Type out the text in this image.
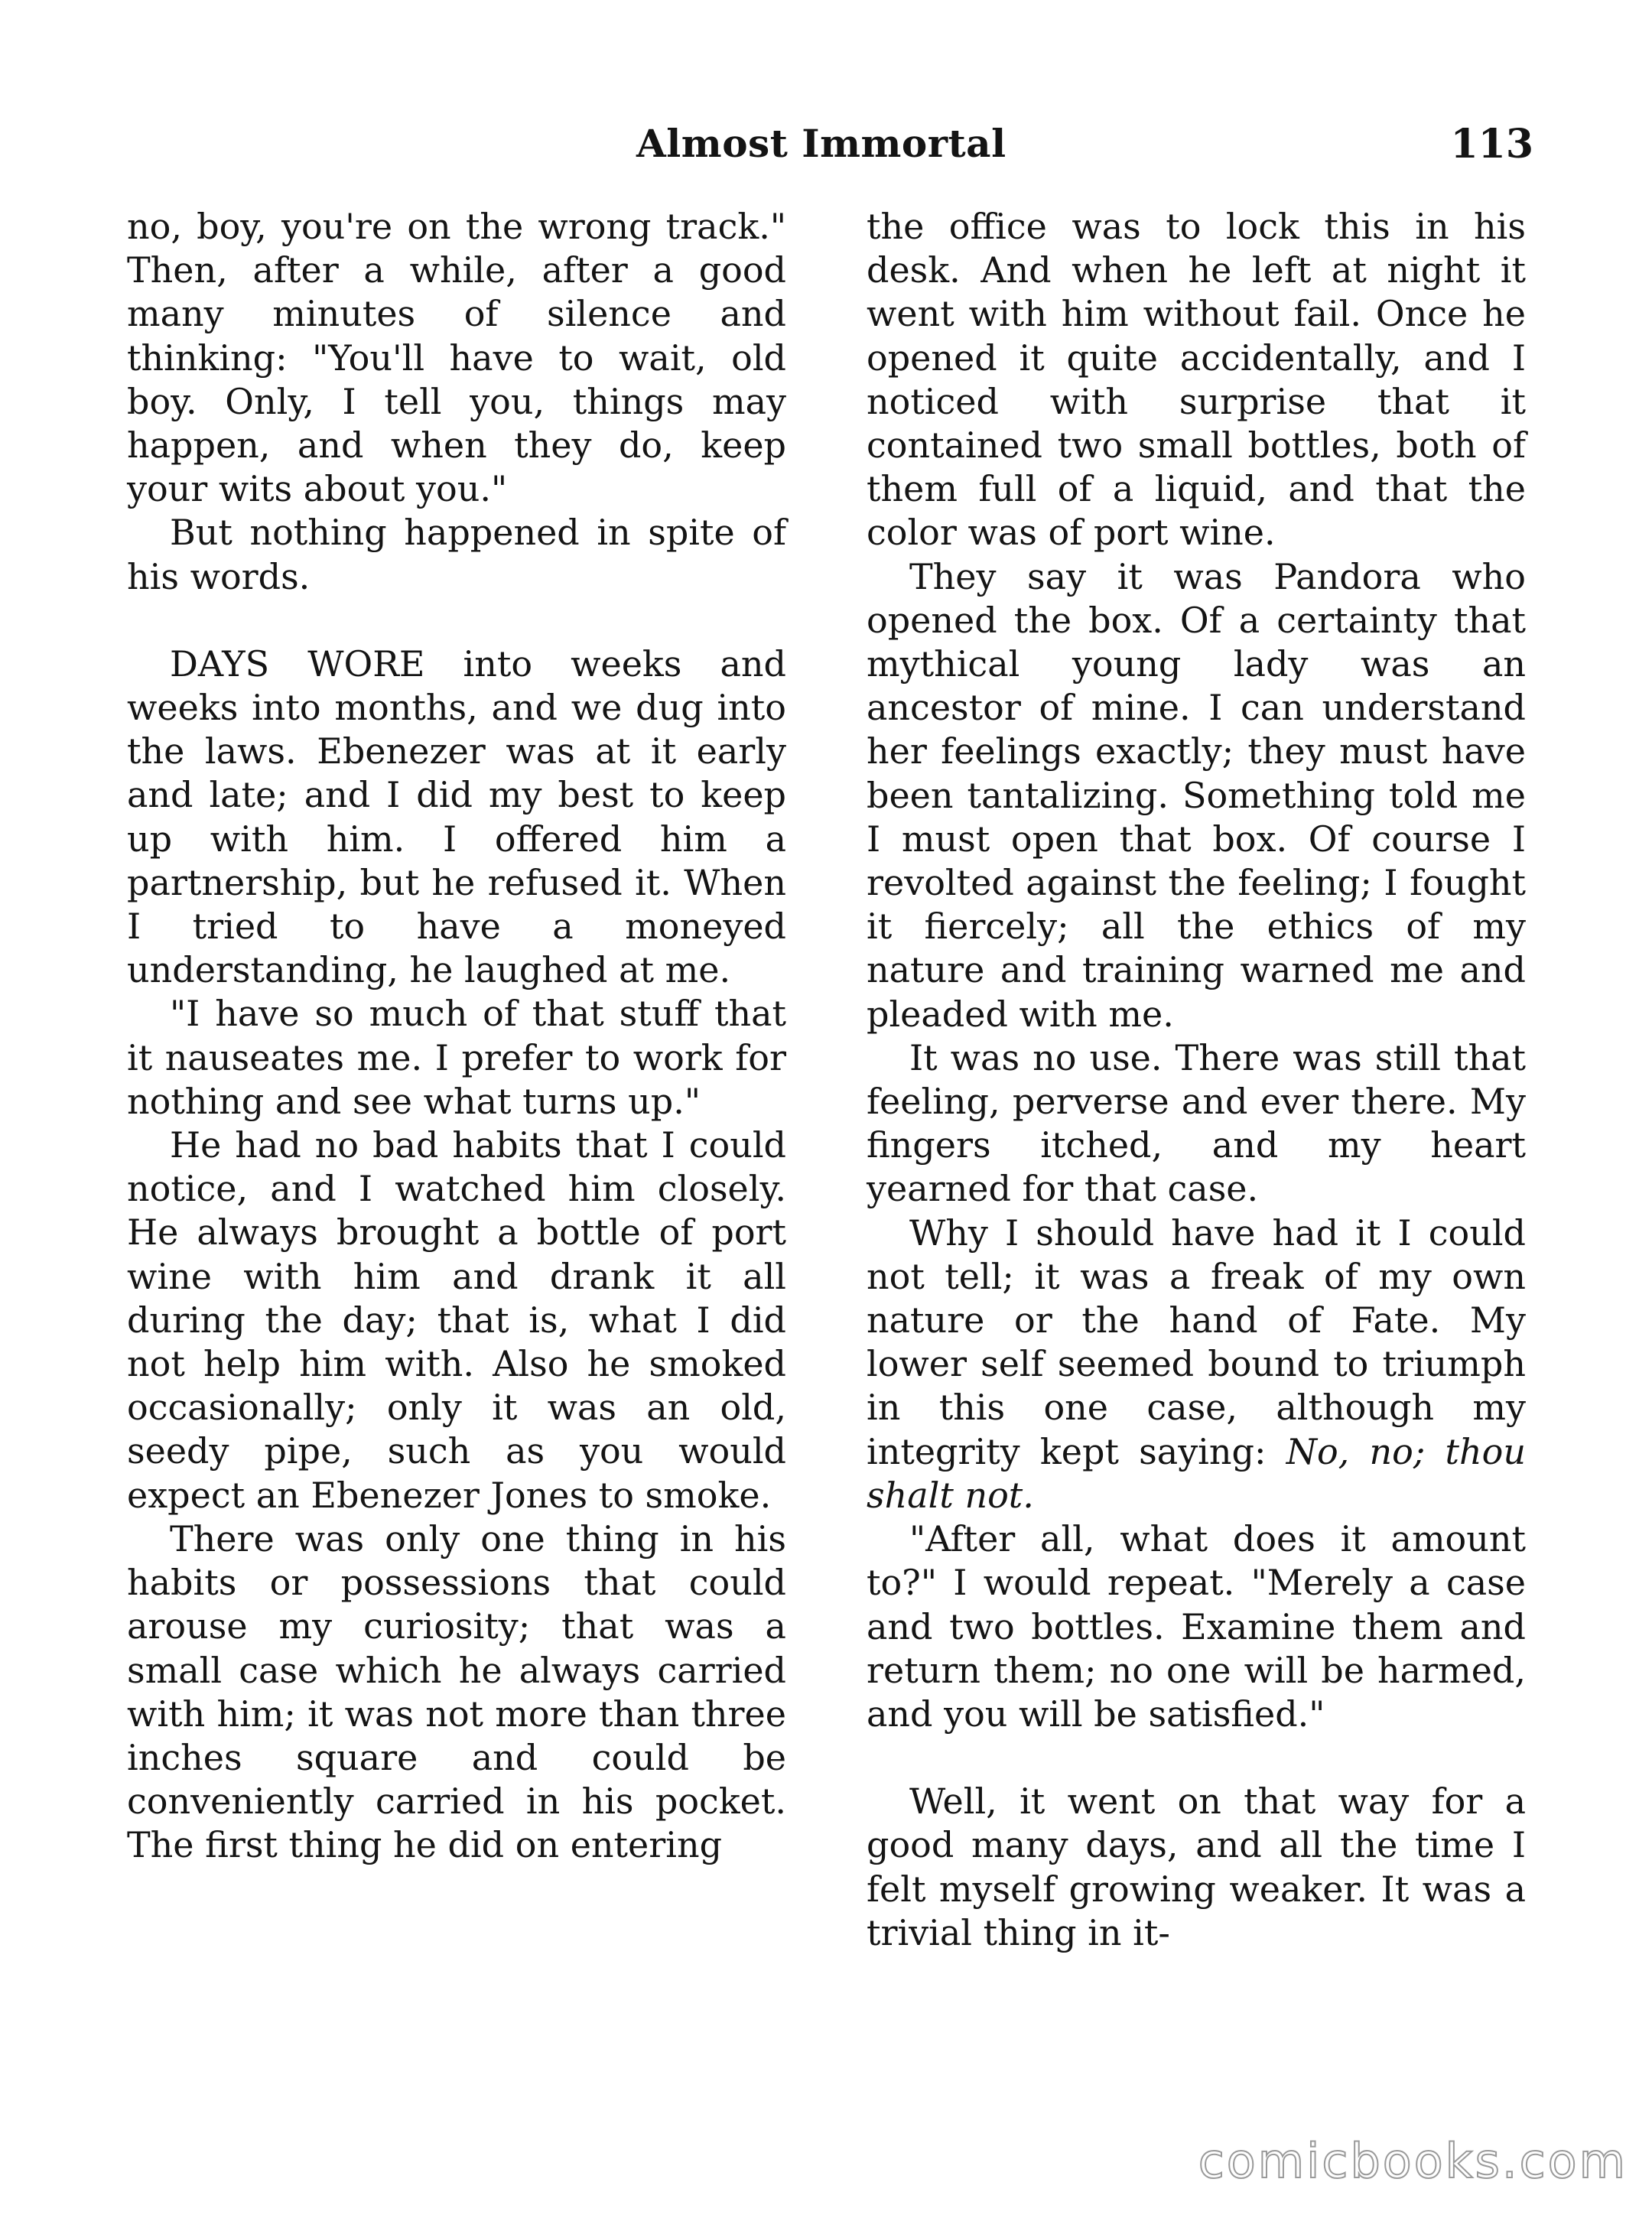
Almost Immortal	113

no, boy, you're on the wrong track." Then, after a while, after a good many minutes of silence and thinking: "You'll have to wait, old boy. Only, I tell you, things may happen, and when they do, keep your wits about you."

But nothing happened in spite of his words.

DAYS WORE into weeks and weeks into months, and we dug into the laws. Ebenezer was at it early and late; and I did my best to keep up with him. I offered him a partnership, but he refused it. When I tried to have a moneyed understanding, he laughed at me.

"I have so much of that stuff that it nauseates me. I prefer to work for nothing and see what turns up."

He had no bad habits that I could notice, and I watched him closely. He always brought a bottle of port wine with him and drank it all during the day; that is, what I did not help him with. Also he smoked occasionally; only it was an old, seedy pipe, such as you would expect an Ebenezer Jones to smoke.

There was only one thing in his habits or possessions that could arouse my curiosity; that was a small case which he always carried with him; it was not more than three inches square and could be conveniently carried in his pocket. The first thing he did on entering

the office was to lock this in his desk. And when he left at night it went with him without fail. Once he opened it quite accidentally, and I noticed with surprise that it contained two small bottles, both of them full of a liquid, and that the color was of port wine.

They say it was Pandora who opened the box. Of a certainty that mythical young lady was an ancestor of mine. I can understand her feelings exactly; they must have been tantalizing. Something told me I must open that box. Of course I revolted against the feeling; I fought it fiercely; all the ethics of my nature and training warned me and pleaded with me.

It was no use. There was still that feeling, perverse and ever there. My fingers itched, and my heart yearned for that case.

Why I should have had it I could not tell; it was a freak of my own nature or the hand of Fate. My lower self seemed bound to triumph in this one case, although my integrity kept saying: No, no; thou shalt not.

"After all, what does it amount to?" I would repeat. "Merely a case and two bottles. Examine them and return them; no one will be harmed, and you will be satisfied."

Well, it went on that way for a good many days, and all the time I felt myself growing weaker. It was a trivial thing in it-

comicbooks.com
